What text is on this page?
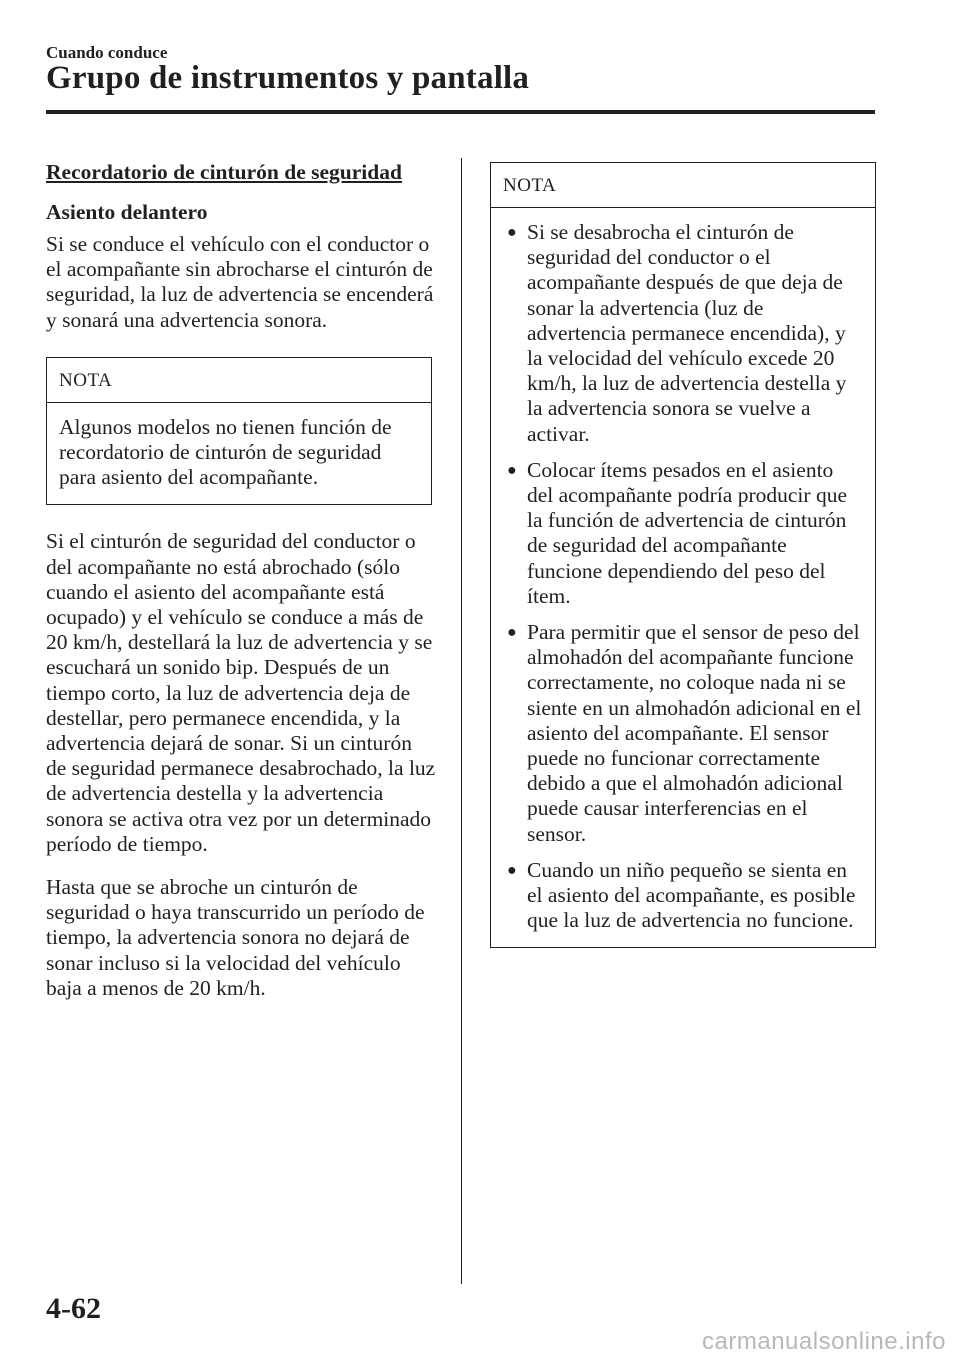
Cuando conduce
Grupo de instrumentos y pantalla
Recordatorio de cinturón de seguridad
Asiento delantero

Si se conduce el vehículo con el conductor o el acompañante sin abrocharse el cinturón de seguridad, la luz de advertencia se encenderá y sonará una advertencia sonora.

NOTA

Algunos modelos no tienen función de recordatorio de cinturón de seguridad para asiento del acompañante.

Si el cinturón de seguridad del conductor o del acompañante no está abrochado (sólo cuando el asiento del acompañante está ocupado) y el vehículo se conduce a más de 20 km/h, destellará la luz de advertencia y se escuchará un sonido bip. Después de un tiempo corto, la luz de advertencia deja de destellar, pero permanece encendida, y la advertencia dejará de sonar. Si un cinturón de seguridad permanece desabrochado, la luz de advertencia destella y la advertencia sonora se activa otra vez por un determinado período de tiempo.

Hasta que se abroche un cinturón de seguridad o haya transcurrido un período de tiempo, la advertencia sonora no dejará de sonar incluso si la velocidad del vehículo baja a menos de 20 km/h.

NOTA
● Si se desabrocha el cinturón de seguridad del conductor o el acompañante después de que deja de sonar la advertencia (luz de advertencia permanece encendida), y la velocidad del vehículo excede 20 km/h, la luz de advertencia destella y la advertencia sonora se vuelve a activar.
● Colocar ítems pesados en el asiento del acompañante podría producir que la función de advertencia de cinturón de seguridad del acompañante funcione dependiendo del peso del ítem.
● Para permitir que el sensor de peso del almohadón del acompañante funcione correctamente, no coloque nada ni se siente en un almohadón adicional en el asiento del acompañante. El sensor puede no funcionar correctamente debido a que el almohadón adicional puede causar interferencias en el sensor.
● Cuando un niño pequeño se sienta en el asiento del acompañante, es posible que la luz de advertencia no funcione.
4-62
carmanualsonline.info
